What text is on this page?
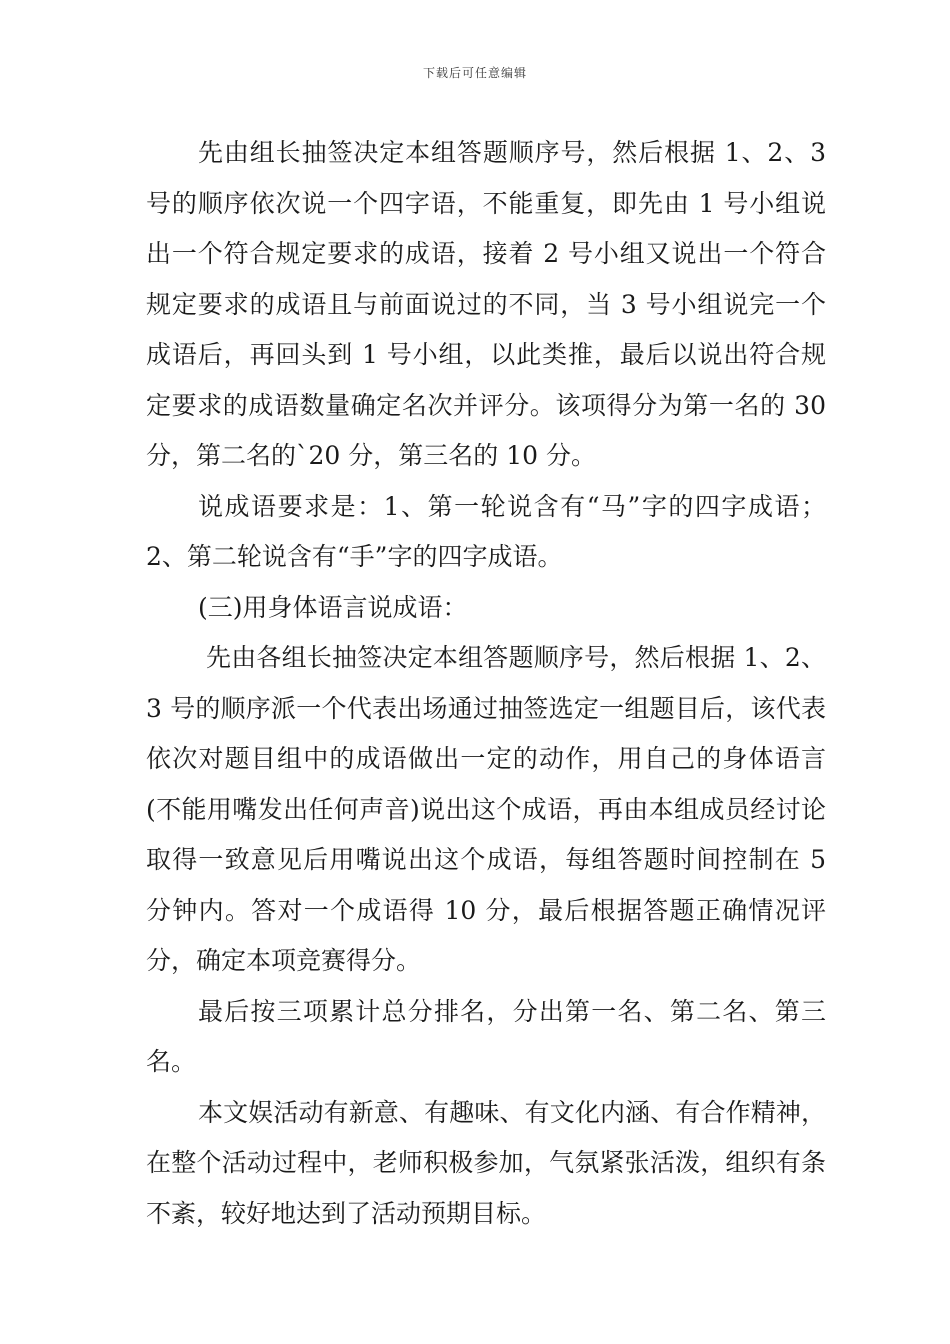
下载后可任意编辑

先由组长抽签决定本组答题顺序号，然后根据 1、2、3 号的顺序依次说一个四字语，不能重复，即先由 1 号小组说出一个符合规定要求的成语，接着 2 号小组又说出一个符合规定要求的成语且与前面说过的不同，当 3 号小组说完一个成语后，再回头到 1 号小组，以此类推，最后以说出符合规定要求的成语数量确定名次并评分。该项得分为第一名的 30 分，第二名的`20 分，第三名的 10 分。

说成语要求是：1、第一轮说含有“马”字的四字成语；2、第二轮说含有“手”字的四字成语。

(三)用身体语言说成语：

先由各组长抽签决定本组答题顺序号，然后根据 1、2、3 号的顺序派一个代表出场通过抽签选定一组题目后，该代表依次对题目组中的成语做出一定的动作，用自己的身体语言(不能用嘴发出任何声音)说出这个成语，再由本组成员经讨论取得一致意见后用嘴说出这个成语，每组答题时间控制在 5 分钟内。答对一个成语得 10 分，最后根据答题正确情况评分，确定本项竞赛得分。

最后按三项累计总分排名，分出第一名、第二名、第三名。

本文娱活动有新意、有趣味、有文化内涵、有合作精神，在整个活动过程中，老师积极参加，气氛紧张活泼，组织有条不紊，较好地达到了活动预期目标。
